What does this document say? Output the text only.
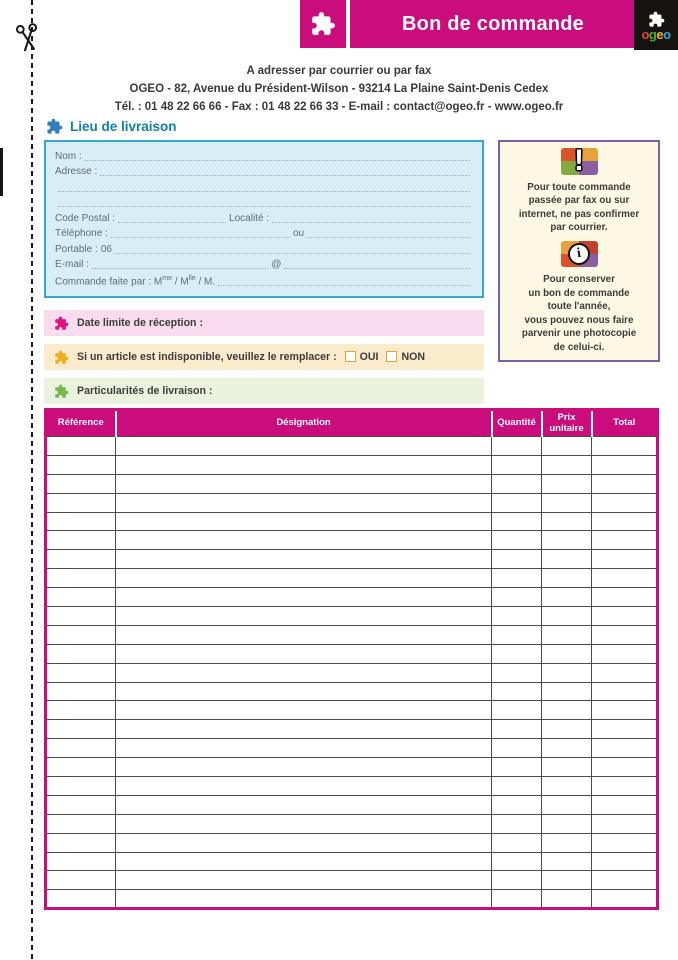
Bon de commande	ogeo
A adresser par courrier ou par fax
OGEO - 82, Avenue du Président-Wilson - 93214 La Plaine Saint-Denis Cedex
Tél. : 01 48 22 66 66 - Fax : 01 48 22 66 33 - E-mail : contact@ogeo.fr - www.ogeo.fr
Lieu de livraison
Nom :
Adresse :
Code Postal :	Localité :
Téléphone :	ou
Portable : 06
E-mail :	@
Commande faite par : $M^{me} / M^{lle}$ / M.
!
Pour toute commande
passée par fax ou sur
internet, ne pas confirmer
par courrier.
i
Pour conserver
un bon de commande
toute l'année,
vous pouvez nous faire
parvenir une photocopie
de celui-ci.
Date limite de réception :
Si un article est indisponible, veuillez le remplacer : OUI NON
Particularités de livraison :
Référence	Désignation	Quantité	Prix unitaire	Total
